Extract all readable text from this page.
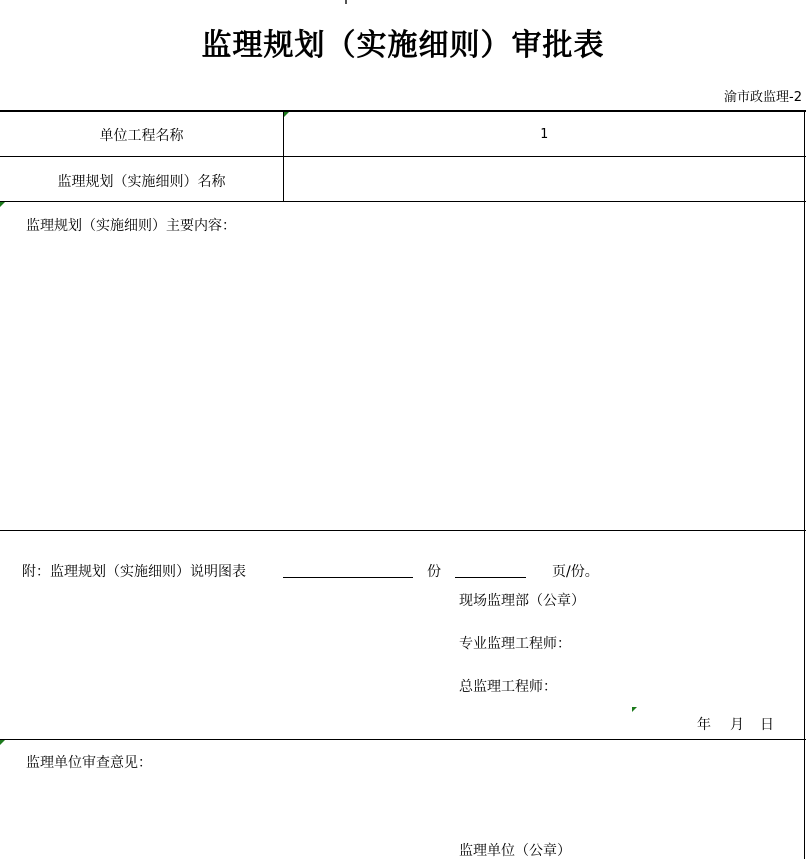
监理规划（实施细则）审批表
渝市政监理-2
单位工程名称	1
监理规划（实施细则）名称
监理规划（实施细则）主要内容：
附：监理规划（实施细则）说明图表	份	页/份。
现场监理部（公章）
专业监理工程师：
总监理工程师：
年 月 日
监理单位审查意见：
监理单位（公章）
